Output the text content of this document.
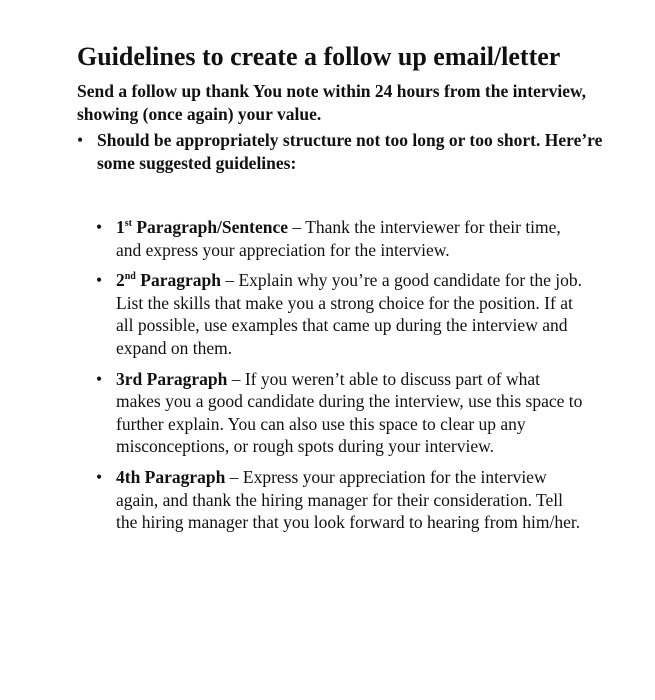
Guidelines to create a follow up email/letter
Send a follow up thank You note within 24 hours from the interview, showing (once again) your value.
• Should be appropriately structure not too long or too short. Here’re some suggested guidelines:
• 1st Paragraph/Sentence – Thank the interviewer for their time, and express your appreciation for the interview.
• 2nd Paragraph – Explain why you’re a good candidate for the job. List the skills that make you a strong choice for the position. If at all possible, use examples that came up during the interview and expand on them.
• 3rd Paragraph – If you weren’t able to discuss part of what makes you a good candidate during the interview, use this space to further explain. You can also use this space to clear up any misconceptions, or rough spots during your interview.
• 4th Paragraph – Express your appreciation for the interview again, and thank the hiring manager for their consideration. Tell the hiring manager that you look forward to hearing from him/her.
